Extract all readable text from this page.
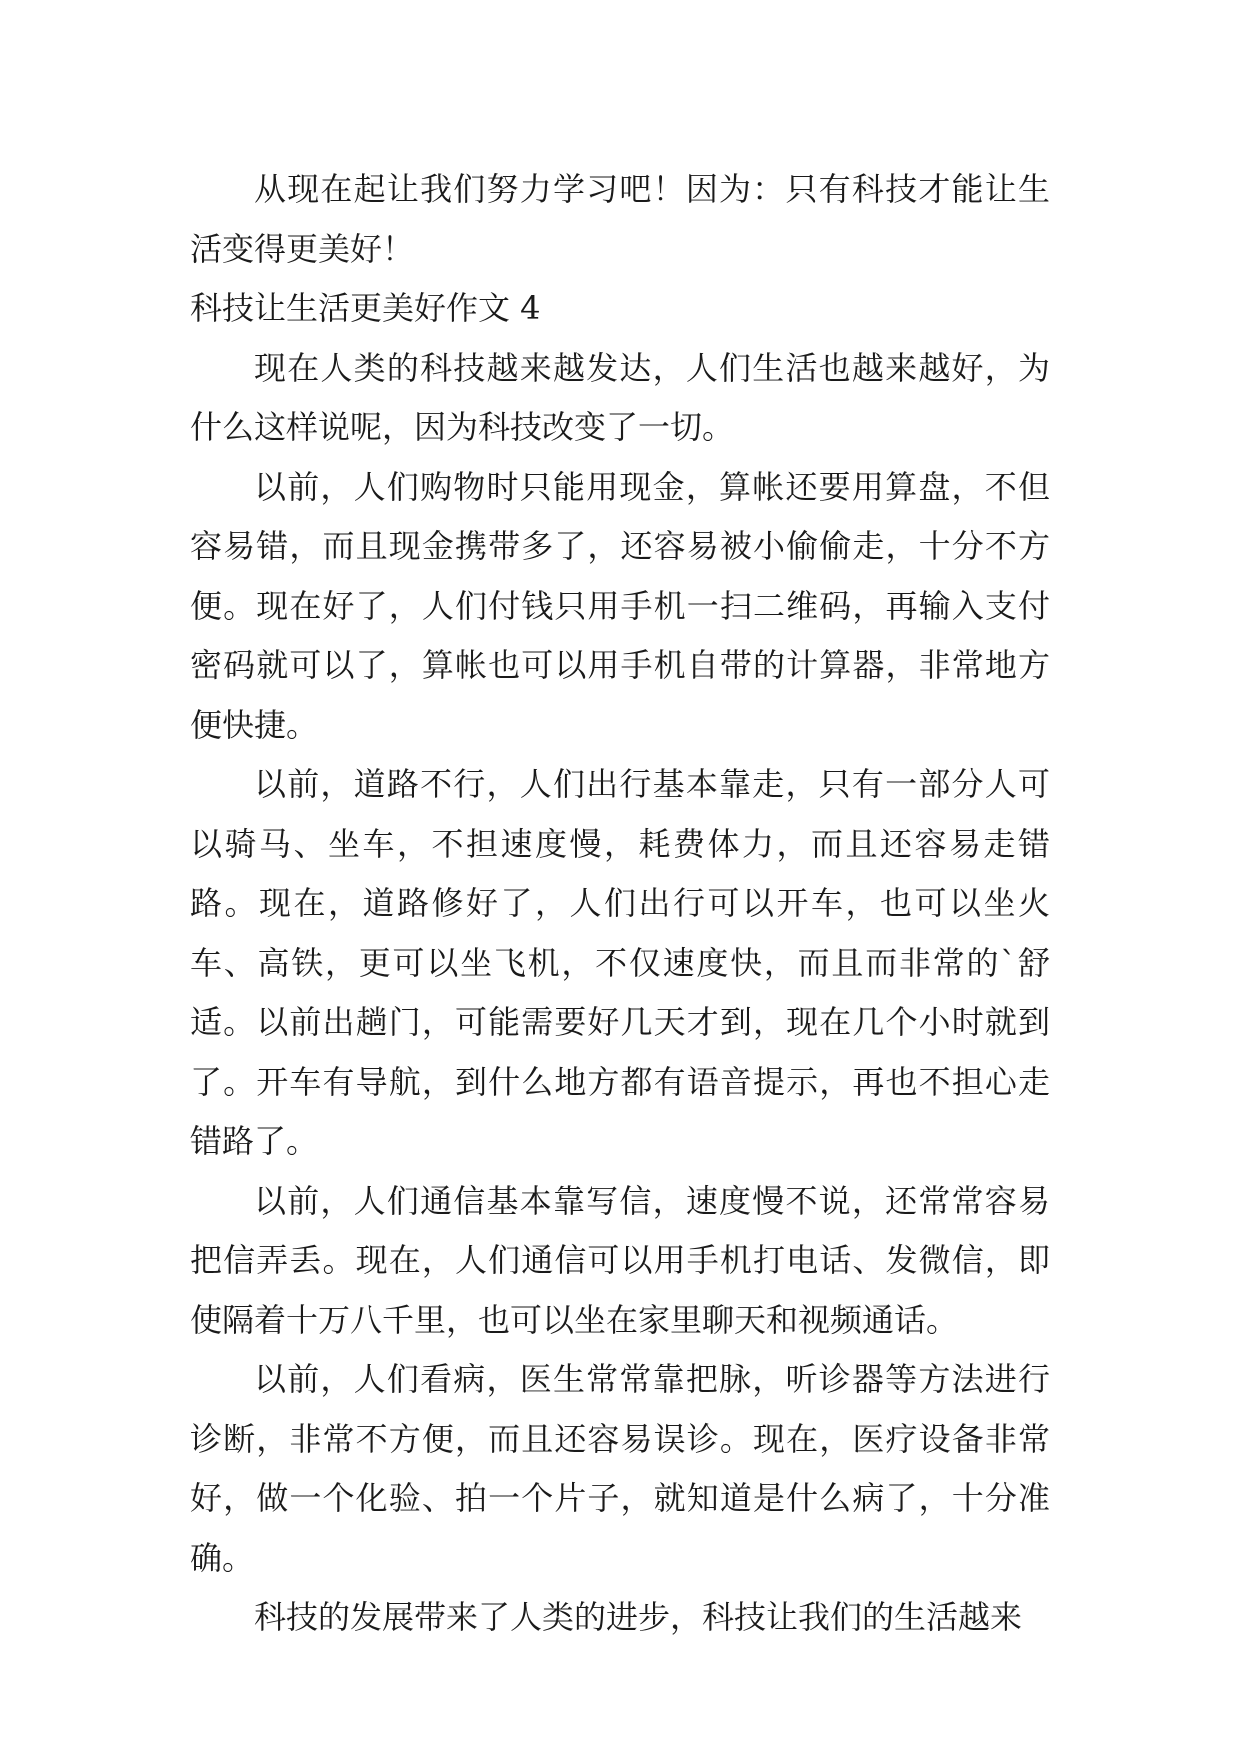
从现在起让我们努力学习吧！因为：只有科技才能让生活变得更美好！

科技让生活更美好作文 4

现在人类的科技越来越发达，人们生活也越来越好，为什么这样说呢，因为科技改变了一切。

以前，人们购物时只能用现金，算帐还要用算盘，不但容易错，而且现金携带多了，还容易被小偷偷走，十分不方便。现在好了，人们付钱只用手机一扫二维码，再输入支付密码就可以了，算帐也可以用手机自带的计算器，非常地方便快捷。

以前，道路不行，人们出行基本靠走，只有一部分人可以骑马、坐车，不担速度慢，耗费体力，而且还容易走错路。现在，道路修好了，人们出行可以开车，也可以坐火车、高铁，更可以坐飞机，不仅速度快，而且而非常的`舒适。以前出趟门，可能需要好几天才到，现在几个小时就到了。开车有导航，到什么地方都有语音提示，再也不担心走错路了。

以前，人们通信基本靠写信，速度慢不说，还常常容易把信弄丢。现在，人们通信可以用手机打电话、发微信，即使隔着十万八千里，也可以坐在家里聊天和视频通话。

以前，人们看病，医生常常靠把脉，听诊器等方法进行诊断，非常不方便，而且还容易误诊。现在，医疗设备非常好，做一个化验、拍一个片子，就知道是什么病了，十分准确。

科技的发展带来了人类的进步，科技让我们的生活越来
